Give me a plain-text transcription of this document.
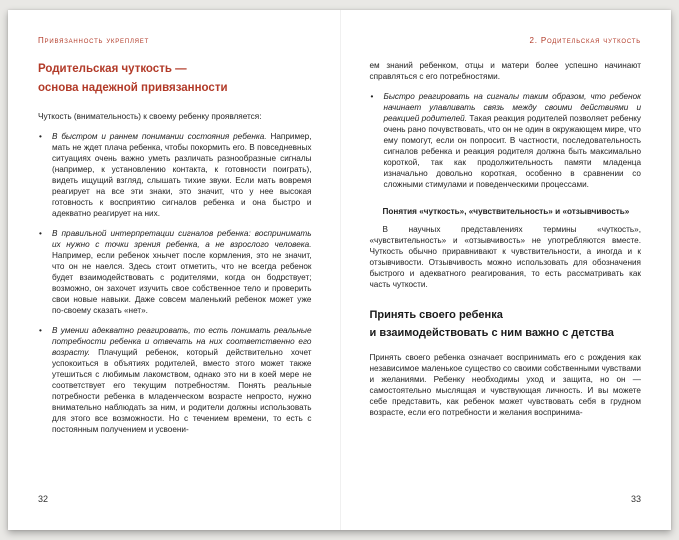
Привязанность укрепляет
Родительская чуткость —
основа надежной привязанности

Чуткость (внимательность) к своему ребенку проявляется:

• В быстром и раннем понимании состояния ребенка. Например, мать не ждет плача ребенка, чтобы покормить его. В повседневных ситуациях очень важно уметь различать разнообразные сигналы (например, к установлению контакта, к готовности поиграть), видеть ищущий взгляд, слышать тихие звуки. Если мать вовремя реагирует на все эти знаки, это значит, что у нее высокая готовность к восприятию сигналов ребенка и она быстро и адекватно реагирует на них.
• В правильной интерпретации сигналов ребенка: воспринимать их нужно с точки зрения ребенка, а не взрослого человека. Например, если ребенок хнычет после кормления, это не значит, что он не наелся. Здесь стоит отметить, что не всегда ребенок будет взаимодействовать с родителями, когда он бодрствует; возможно, он захочет изучить свое собственное тело и проверить свои новые навыки. Даже совсем маленький ребенок может уже по-своему сказать «нет».
• В умении адекватно реагировать, то есть понимать реальные потребности ребенка и отвечать на них соответственно его возрасту. Плачущий ребенок, который действительно хочет успокоиться в объятиях родителей, вместо этого может также утешиться с любимым лакомством, однако это ни в коей мере не соответствует его текущим потребностям. Понять реальные потребности ребенка в младенческом возрасте непросто, нужно внимательно наблюдать за ним, и родители должны использовать для этого все возможности. Но с течением времени, то есть с постоянным получением и усвоени-
32
2. Родительская чуткость

ем знаний ребенком, отцы и матери более успешно начинают справляться с его потребностями.

• Быстро реагировать на сигналы таким образом, что ребенок начинает улавливать связь между своими действиями и реакцией родителей. Такая реакция родителей позволяет ребенку очень рано почувствовать, что он не один в окружающем мире, что ему помогут, если он попросит. В частности, последовательность сигналов ребенка и реакция родителя должна быть максимально короткой, так как продолжительность памяти младенца изначально довольно короткая, особенно в сравнении со сложными стимулами и поведенческими процессами.
Понятия «чуткость», «чувствительность» и «отзывчивость»

В научных представлениях термины «чуткость», «чувствительность» и «отзывчивость» не употребляются вместе. Чуткость обычно приравнивают к чувствительности, а иногда и к отзывчивости. Отзывчивость можно использовать для обозначения быстрого и адекватного реагирования, то есть рассматривать как часть чуткости.

Принять своего ребенка
и взаимодействовать с ним важно с детства

Принять своего ребенка означает воспринимать его с рождения как независимое маленькое существо со своими собственными чувствами и желаниями. Ребенку необходимы уход и защита, но он — самостоятельно мыслящая и чувствующая личность. И вы можете себе представить, как ребенок может чувствовать себя в грудном возрасте, если его потребности и желания воспринима-

33
